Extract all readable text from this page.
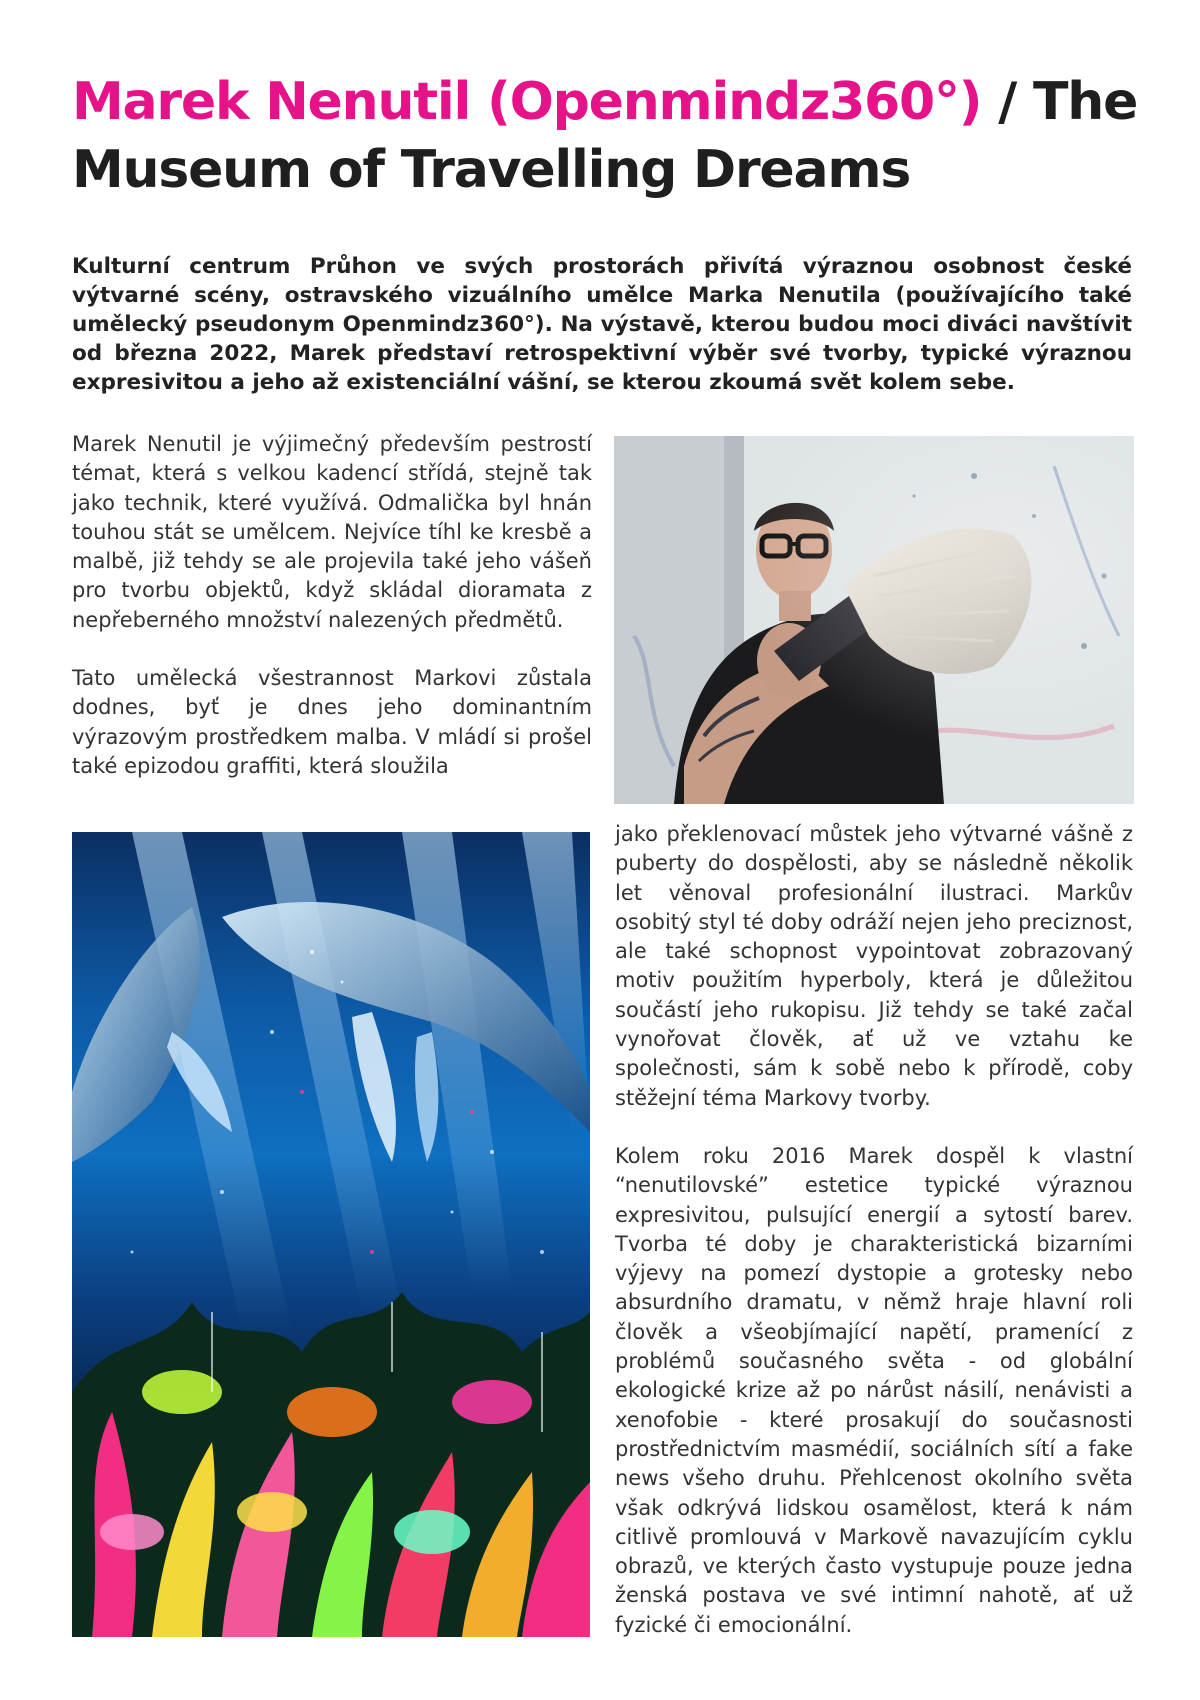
Marek Nenutil (Openmindz360°) / The Museum of Travelling Dreams

Kulturní centrum Průhon ve svých prostorách přivítá výraznou osobnost české výtvarné scény, ostravského vizuálního umělce Marka Nenutila (používajícího také umělecký pseudonym Openmindz360°). Na výstavě, kterou budou moci diváci navštívit od března 2022, Marek představí retrospektivní výběr své tvorby, typické výraznou expresivitou a jeho až existenciální vášní, se kterou zkoumá svět kolem sebe.

Marek Nenutil je výjimečný především pestrostí témat, která s velkou kadencí střídá, stejně tak jako technik, které využívá. Odmalička byl hnán touhou stát se umělcem. Nejvíce tíhl ke kresbě a malbě, již tehdy se ale projevila také jeho vášeň pro tvorbu objektů, když skládal dioramata z nepřeberného množství nalezených předmětů.

Tato umělecká všestrannost Markovi zůstala dodnes, byť je dnes jeho dominantním výrazovým prostředkem malba. V mládí si prošel také epizodou graffiti, která sloužila

jako překlenovací můstek jeho výtvarné vášně z puberty do dospělosti, aby se následně několik let věnoval profesionální ilustraci. Markův osobitý styl té doby odráží nejen jeho preciznost, ale také schopnost vypointovat zobrazovaný motiv použitím hyperboly, která je důležitou součástí jeho rukopisu. Již tehdy se také začal vynořovat člověk, ať už ve vztahu ke společnosti, sám k sobě nebo k přírodě, coby stěžejní téma Markovy tvorby.

Kolem roku 2016 Marek dospěl k vlastní “nenutilovské” estetice typické výraznou expresivitou, pulsující energií a sytostí barev. Tvorba té doby je charakteristická bizarními výjevy na pomezí dystopie a grotesky nebo absurdního dramatu, v němž hraje hlavní roli člověk a všeobjímající napětí, pramenící z problémů současného světa - od globální ekologické krize až po nárůst násilí, nenávisti a xenofobie - které prosakují do současnosti prostřednictvím masmédií, sociálních sítí a fake news všeho druhu. Přehlcenost okolního světa však odkrývá lidskou osamělost, která k nám citlivě promlouvá v Markově navazujícím cyklu obrazů, ve kterých často vystupuje pouze jedna ženská postava ve své intimní nahotě, ať už fyzické či emocionální.
